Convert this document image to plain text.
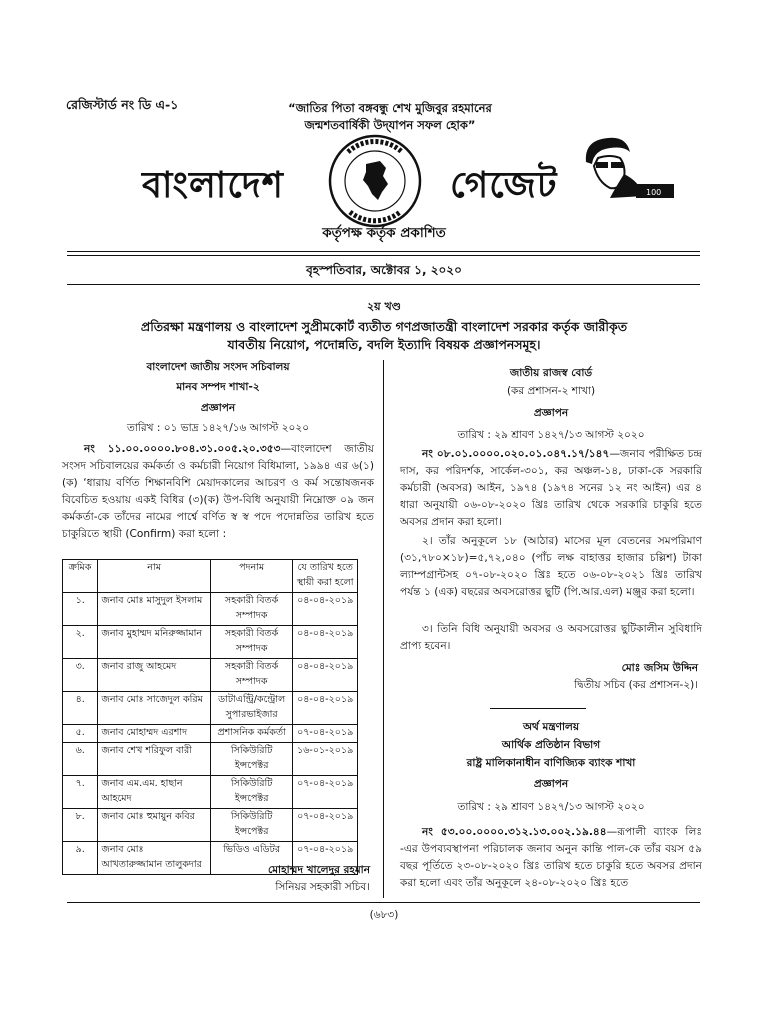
রেজিস্টার্ড নং ডি এ-১	“জাতির পিতা বঙ্গবন্ধু শেখ মুজিবুর রহমানের
জন্মশতবার্ষিকী উদ্‌যাপন সফল হোক”
বাংলাদেশ	গেজেট	100
কর্তৃপক্ষ কর্তৃক প্রকাশিত
বৃহস্পতিবার, অক্টোবর ১, ২০২০
২য় খণ্ড
প্রতিরক্ষা মন্ত্রণালয় ও বাংলাদেশ সুপ্রীমকোর্ট ব্যতীত গণপ্রজাতন্ত্রী বাংলাদেশ সরকার কর্তৃক জারীকৃত
যাবতীয় নিয়োগ, পদোন্নতি, বদলি ইত্যাদি বিষয়ক প্রজ্ঞাপনসমূহ।
বাংলাদেশ জাতীয় সংসদ সচিবালয়
মানব সম্পদ শাখা-২
প্রজ্ঞাপন
তারিখ : ০১ ভাদ্র ১৪২৭/১৬ আগস্ট ২০২০
নং ১১.০০.০০০০.৮০৪.৩১.০০৫.২০.৩৫৩—বাংলাদেশ জাতীয় সংসদ সচিবালয়ের কর্মকর্তা ও কর্মচারী নিয়োগ বিধিমালা, ১৯৯৪ এর ৬(১)(ক) ‘ধারায় বর্ণিত শিক্ষানবিশি মেয়াদকালের আচরণ ও কর্ম সন্তোষজনক বিবেচিত হওয়ায় একই বিধির (৩)(ক) উপ-বিধি অনুযায়ী নিম্নোক্ত ০৯ জন কর্মকর্তা-কে তাঁদের নামের পার্শ্বে বর্ণিত স্ব স্ব পদে পদোন্নতির তারিখ হতে চাকুরিতে স্থায়ী (Confirm) করা হলো :
ক্রমিক	নাম	পদনাম	যে তারিখ হতে স্থায়ী করা হলো
১.	জনাব মোঃ মাসুদুল ইসলাম	সহকারী বিতর্ক সম্পাদক	০৪-০৪-২০১৯
২.	জনাব মুহাম্মদ মনিরুজ্জামান	সহকারী বিতর্ক সম্পাদক	০৪-০৪-২০১৯
৩.	জনাব রাজু আহমেদ	সহকারী বিতর্ক সম্পাদক	০৪-০৪-২০১৯
৪.	জনাব মোঃ সাজেদুল করিম	ডাটাএন্ট্রি/কন্ট্রোল সুপারভাইজার	০৪-০৪-২০১৯
৫.	জনাব মোহাম্মদ এরশাদ	প্রশাসনিক কর্মকর্তা	০৭-০৪-২০১৯
৬.	জনাব শেখ শরিফুল বারী	সিকিউরিটি ইন্সপেক্টর	১৬-০১-২০১৯
৭.	জনাব এম.এম. হাছান আহমেদ	সিকিউরিটি ইন্সপেক্টর	০৭-০৪-২০১৯
৮.	জনাব মোঃ হুমায়ুন কবির	সিকিউরিটি ইন্সপেক্টর	০৭-০৪-২০১৯
৯.	জনাব মোঃ আখতারুজ্জামান তালুকদার	ভিডিও এডিটর	০৭-০৪-২০১৯
মোহাম্মদ খালেদুর রহমান
সিনিয়র সহকারী সচিব।
জাতীয় রাজস্ব বোর্ড
(কর প্রশাসন-২ শাখা)
প্রজ্ঞাপন
তারিখ : ২৯ শ্রাবণ ১৪২৭/১৩ আগস্ট ২০২০
নং ০৮.০১.০০০০.০২০.০১.০৪৭.১৭/১৪৭—জনাব পরীক্ষিত চন্দ্র দাস, কর পরিদর্শক, সার্কেল-৩০১, কর অঞ্চল-১৪, ঢাকা-কে সরকারি কর্মচারী (অবসর) আইন, ১৯৭৪ (১৯৭৪ সনের ১২ নং আইন) এর ৪ ধারা অনুযায়ী ০৬-০৮-২০২০ খ্রিঃ তারিখ থেকে সরকারি চাকুরি হতে অবসর প্রদান করা হলো।
২। তাঁর অনুকূলে ১৮ (আঠার) মাসের মূল বেতনের সমপরিমাণ (৩১,৭৮০×১৮)=৫,৭২,০৪০ (পাঁচ লক্ষ বাহাত্তর হাজার চল্লিশ) টাকা ল্যাম্পগ্রান্টসহ ০৭-০৮-২০২০ খ্রিঃ হতে ০৬-০৮-২০২১ খ্রিঃ তারিখ পর্যন্ত ১ (এক) বছরের অবসরোত্তর ছুটি (পি.আর.এল) মঞ্জুর করা হলো।
৩। তিনি বিধি অনুযায়ী অবসর ও অবসরোত্তর ছুটিকালীন সুবিধাদি প্রাপ্য হবেন।
মোঃ জসিম উদ্দিন
দ্বিতীয় সচিব (কর প্রশাসন-২)।
অর্থ মন্ত্রণালয়
আর্থিক প্রতিষ্ঠান বিভাগ
রাষ্ট্র মালিকানাধীন বাণিজ্যিক ব্যাংক শাখা
প্রজ্ঞাপন
তারিখ : ২৯ শ্রাবণ ১৪২৭/১৩ আগস্ট ২০২০
নং ৫৩.০০.০০০০.৩১২.১৩.০০২.১৯.৪৪—রূপালী ব্যাংক লিঃ -এর উপব্যবস্থাপনা পরিচালক জনাব অনুন কান্তি পাল-কে তাঁর বয়স ৫৯ বছর পূর্তিতে ২৩-০৮-২০২০ খ্রিঃ তারিখ হতে চাকুরি হতে অবসর প্রদান করা হলো এবং তাঁর অনুকূলে ২৪-০৮-২০২০ খ্রিঃ হতে
(৬৮৩)
